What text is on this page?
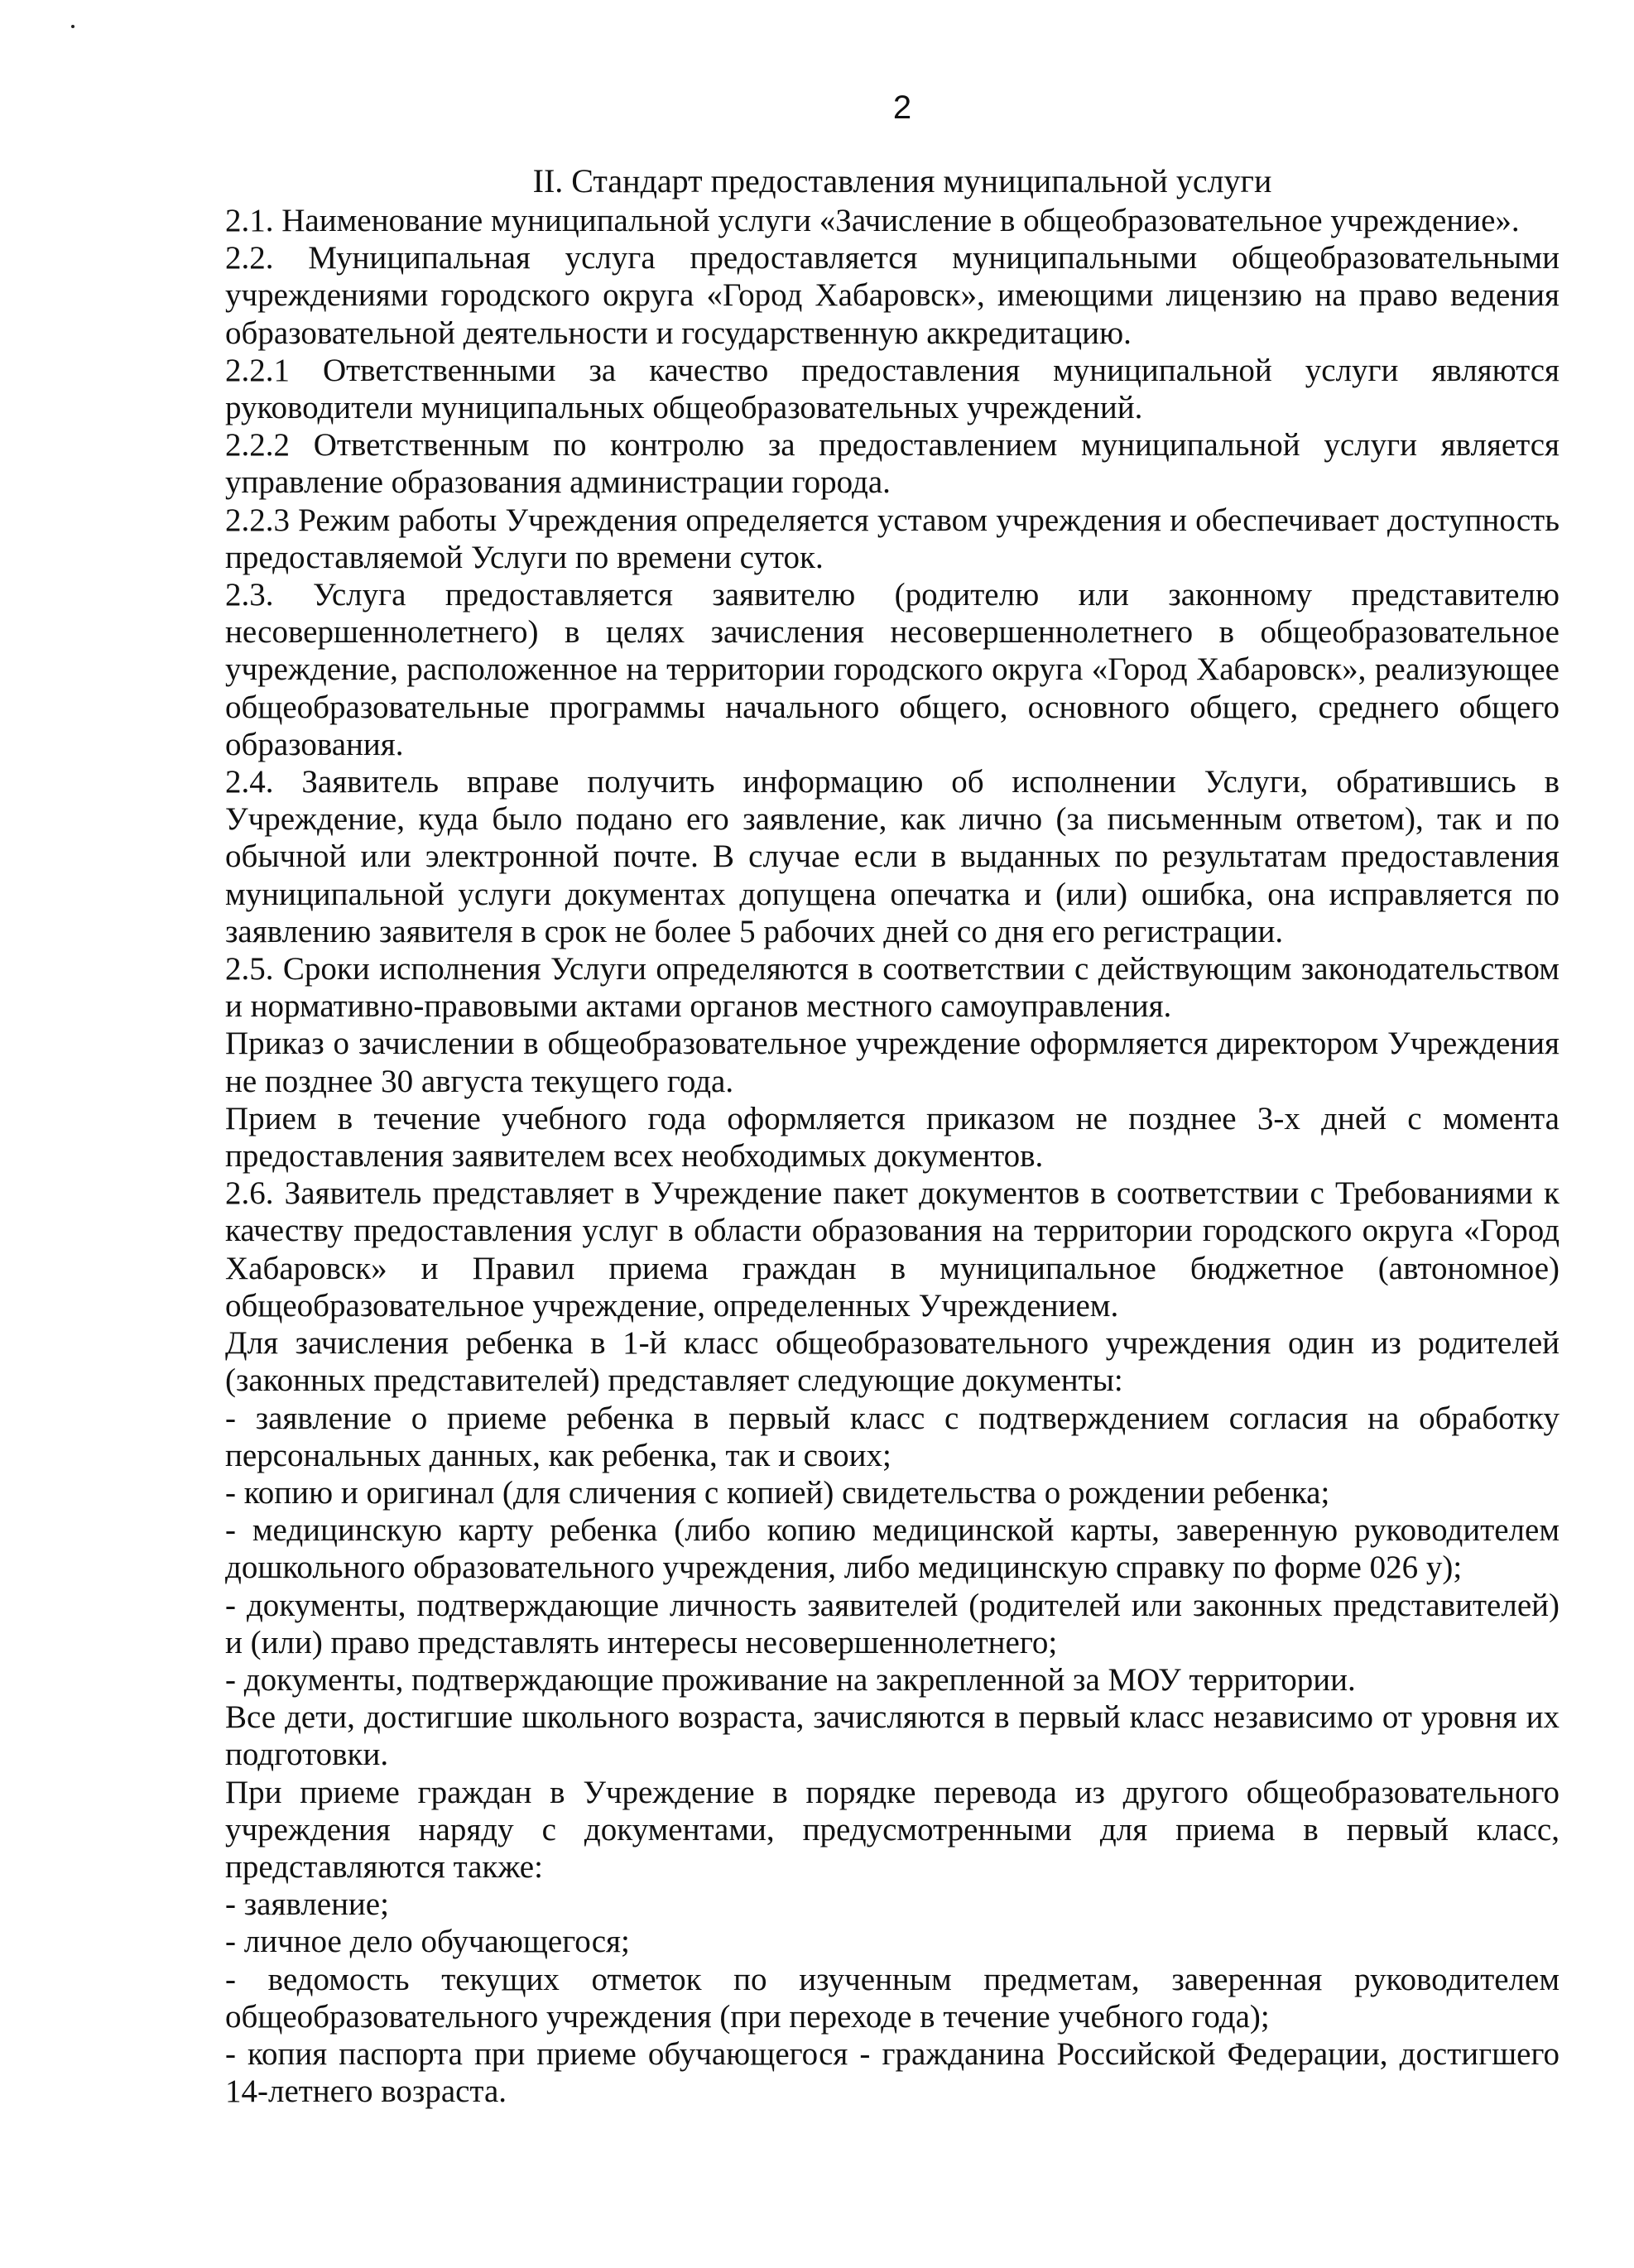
2
II. Стандарт предоставления муниципальной услуги

2.1. Наименование муниципальной услуги «Зачисление в общеобразовательное учреждение».

2.2. Муниципальная услуга предоставляется муниципальными общеобразовательными учреждениями городского округа «Город Хабаровск», имеющими лицензию на право ведения образовательной деятельности и государственную аккредитацию.

2.2.1 Ответственными за качество предоставления муниципальной услуги являются руководители муниципальных общеобразовательных учреждений.

2.2.2 Ответственным по контролю за предоставлением муниципальной услуги является управление образования администрации города.

2.2.3 Режим работы Учреждения определяется уставом учреждения и обеспечивает доступность предоставляемой Услуги по времени суток.

2.3. Услуга предоставляется заявителю (родителю или законному представителю несовершеннолетнего) в целях зачисления несовершеннолетнего в общеобразовательное учреждение, расположенное на территории городского округа «Город Хабаровск», реализующее общеобразовательные программы начального общего, основного общего, среднего общего образования.

2.4. Заявитель вправе получить информацию об исполнении Услуги, обратившись в Учреждение, куда было подано его заявление, как лично (за письменным ответом), так и по обычной или электронной почте. В случае если в выданных по результатам предоставления муниципальной услуги документах допущена опечатка и (или) ошибка, она исправляется по заявлению заявителя в срок не более 5 рабочих дней со дня его регистрации.

2.5. Сроки исполнения Услуги определяются в соответствии с действующим законодательством и нормативно-правовыми актами органов местного самоуправления.

Приказ о зачислении в общеобразовательное учреждение оформляется директором Учреждения не позднее 30 августа текущего года.

Прием в течение учебного года оформляется приказом не позднее 3-х дней с момента предоставления заявителем всех необходимых документов.

2.6. Заявитель представляет в Учреждение пакет документов в соответствии с Требованиями к качеству предоставления услуг в области образования на территории городского округа «Город Хабаровск» и Правил приема граждан в муниципальное бюджетное (автономное) общеобразовательное учреждение, определенных Учреждением.

Для зачисления ребенка в 1-й класс общеобразовательного учреждения один из родителей (законных представителей) представляет следующие документы:

- заявление о приеме ребенка в первый класс с подтверждением согласия на обработку персональных данных, как ребенка, так и своих;

- копию и оригинал (для сличения с копией) свидетельства о рождении ребенка;

- медицинскую карту ребенка (либо копию медицинской карты, заверенную руководителем дошкольного образовательного учреждения, либо медицинскую справку по форме 026 у);

- документы, подтверждающие личность заявителей (родителей или законных представителей) и (или) право представлять интересы несовершеннолетнего;

- документы, подтверждающие проживание на закрепленной за МОУ территории.

Все дети, достигшие школьного возраста, зачисляются в первый класс независимо от уровня их подготовки.

При приеме граждан в Учреждение в порядке перевода из другого общеобразовательного учреждения наряду с документами, предусмотренными для приема в первый класс, представляются также:

- заявление;

- личное дело обучающегося;

- ведомость текущих отметок по изученным предметам, заверенная руководителем общеобразовательного учреждения (при переходе в течение учебного года);

- копия паспорта при приеме обучающегося - гражданина Российской Федерации, достигшего 14-летнего возраста.
